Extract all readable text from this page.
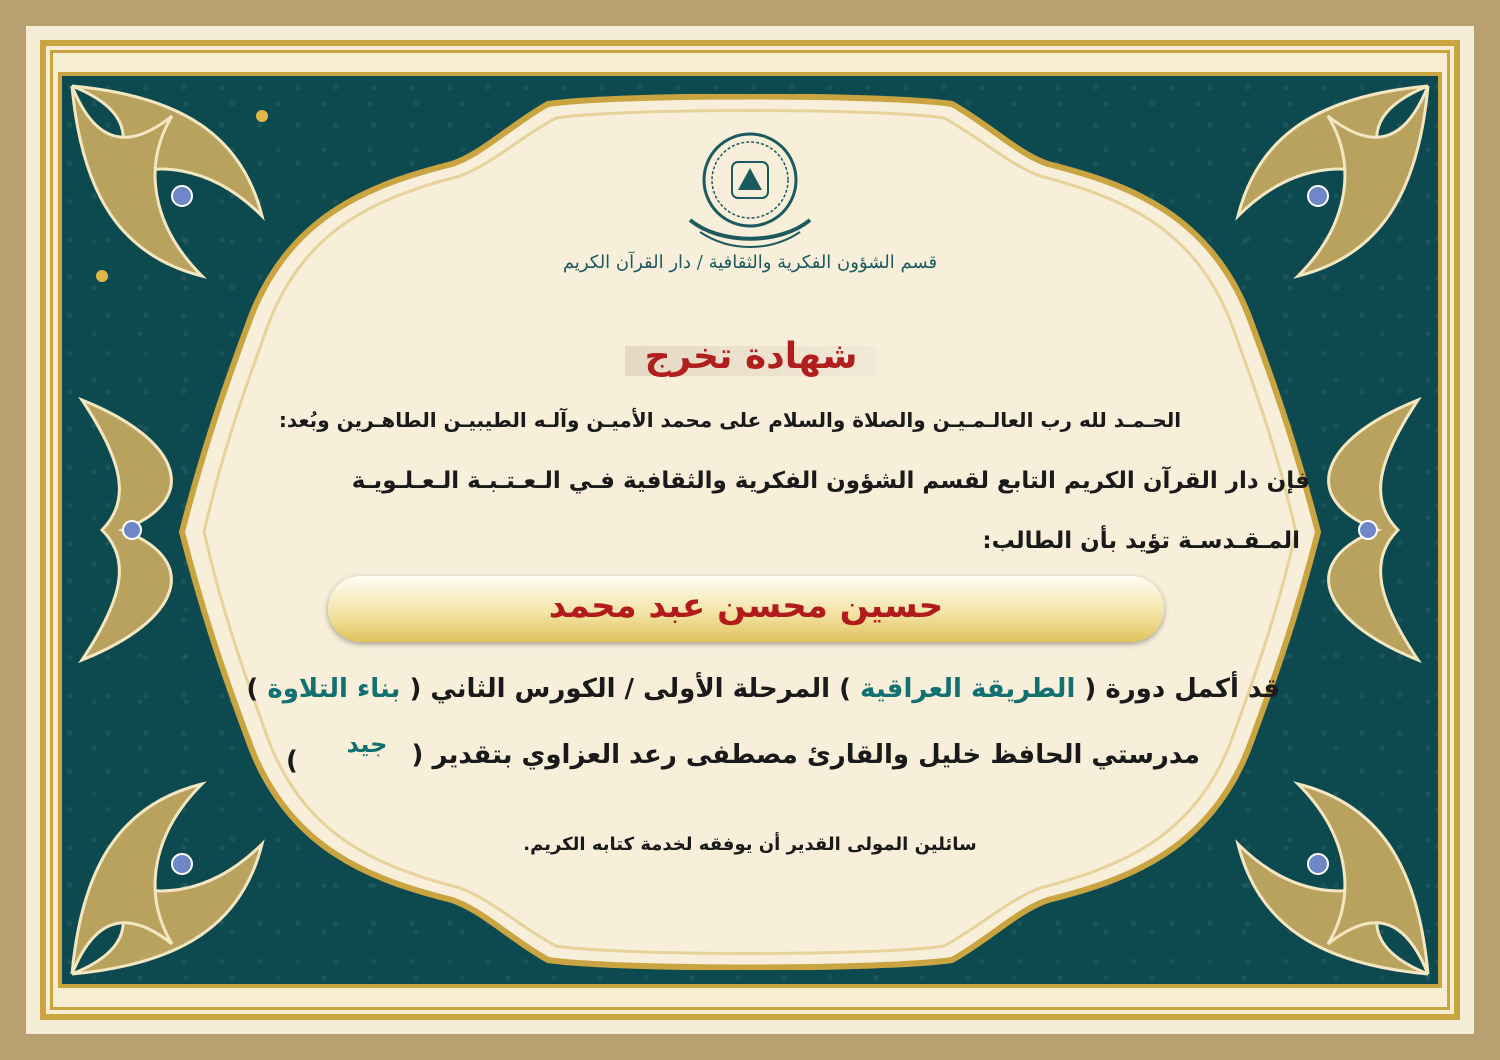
قسم الشؤون الفكرية والثقافية / دار القرآن الكريم
شهادة تخرج
الحـمـد لله رب العالـمـيـن والصلاة والسلام على محمد الأميـن وآلـه الطيبيـن الطاهـرين وبُعد:
فإن دار القرآن الكريم التابع لقسم الشؤون الفكرية والثقافية فـي الـعـتـبـة الـعـلـويـة
المـقـدسـة تؤيد بأن الطالب:
حسين محسن عبد محمد
قد أكمل دورة ( الطريقة العراقية ) المرحلة الأولى / الكورس الثاني ( بناء التلاوة )
مدرستي الحافظ خليل والقارئ مصطفى رعد العزاوي بتقدير (
جيد
)
سائلين المولى القدير أن يوفقه لخدمة كتابه الكريم.
